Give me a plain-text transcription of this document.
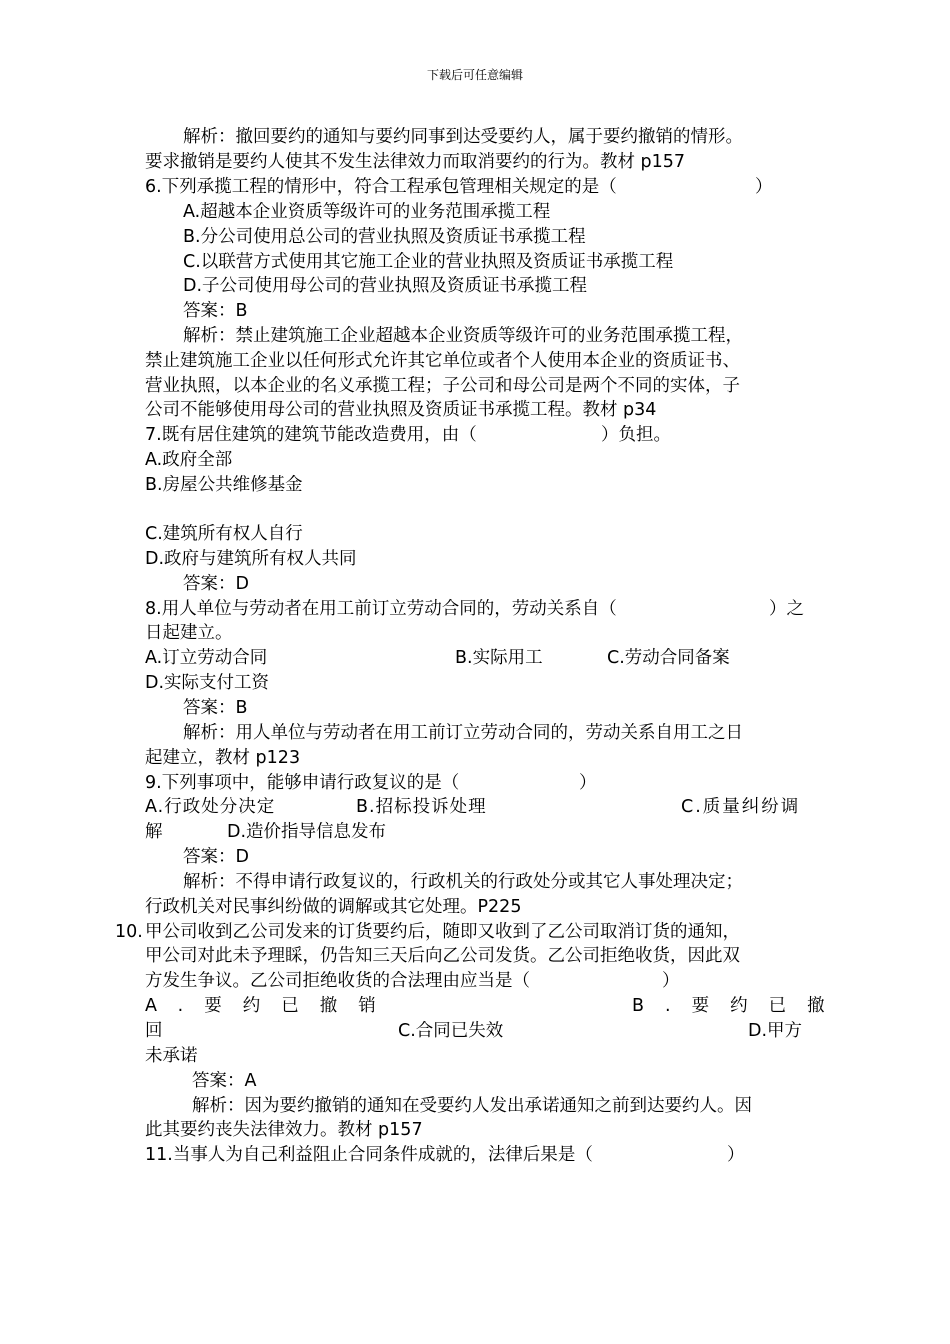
下载后可任意编辑
解析：撤回要约的通知与要约同事到达受要约人，属于要约撤销的情形。
要求撤销是要约人使其不发生法律效力而取消要约的行为。教材 p157
6.下列承揽工程的情形中，符合工程承包管理相关规定的是（	）
A.超越本企业资质等级许可的业务范围承揽工程
B.分公司使用总公司的营业执照及资质证书承揽工程
C.以联营方式使用其它施工企业的营业执照及资质证书承揽工程
D.子公司使用母公司的营业执照及资质证书承揽工程
答案：B
解析：禁止建筑施工企业超越本企业资质等级许可的业务范围承揽工程，
禁止建筑施工企业以任何形式允许其它单位或者个人使用本企业的资质证书、
营业执照，以本企业的名义承揽工程；子公司和母公司是两个不同的实体，子
公司不能够使用母公司的营业执照及资质证书承揽工程。教材 p34
7.既有居住建筑的建筑节能改造费用，由（	）负担。
A.政府全部
B.房屋公共维修基金
C.建筑所有权人自行
D.政府与建筑所有权人共同
答案：D
8.用人单位与劳动者在用工前订立劳动合同的，劳动关系自（	）之
日起建立。
A.订立劳动合同	B.实际用工	C.劳动合同备案
D.实际支付工资
答案：B
解析：用人单位与劳动者在用工前订立劳动合同的，劳动关系自用工之日
起建立，教材 p123
9.下列事项中，能够申请行政复议的是（	）
A.行政处分决定	B.招标投诉处理	C.质量纠纷调
解	D.造价指导信息发布
答案：D
解析：不得申请行政复议的，行政机关的行政处分或其它人事处理决定；
行政机关对民事纠纷做的调解或其它处理。P225
10. 甲公司收到乙公司发来的订货要约后，随即又收到了乙公司取消订货的通知，
甲公司对此未予理睬，仍告知三天后向乙公司发货。乙公司拒绝收货，因此双
方发生争议。乙公司拒绝收货的合法理由应当是（	）
A.要约已撤销	B.要约已撤
回	C.合同已失效	D.甲方
未承诺
答案：A
解析：因为要约撤销的通知在受要约人发出承诺通知之前到达要约人。因
此其要约丧失法律效力。教材 p157
11.当事人为自己利益阻止合同条件成就的，法律后果是（	）
